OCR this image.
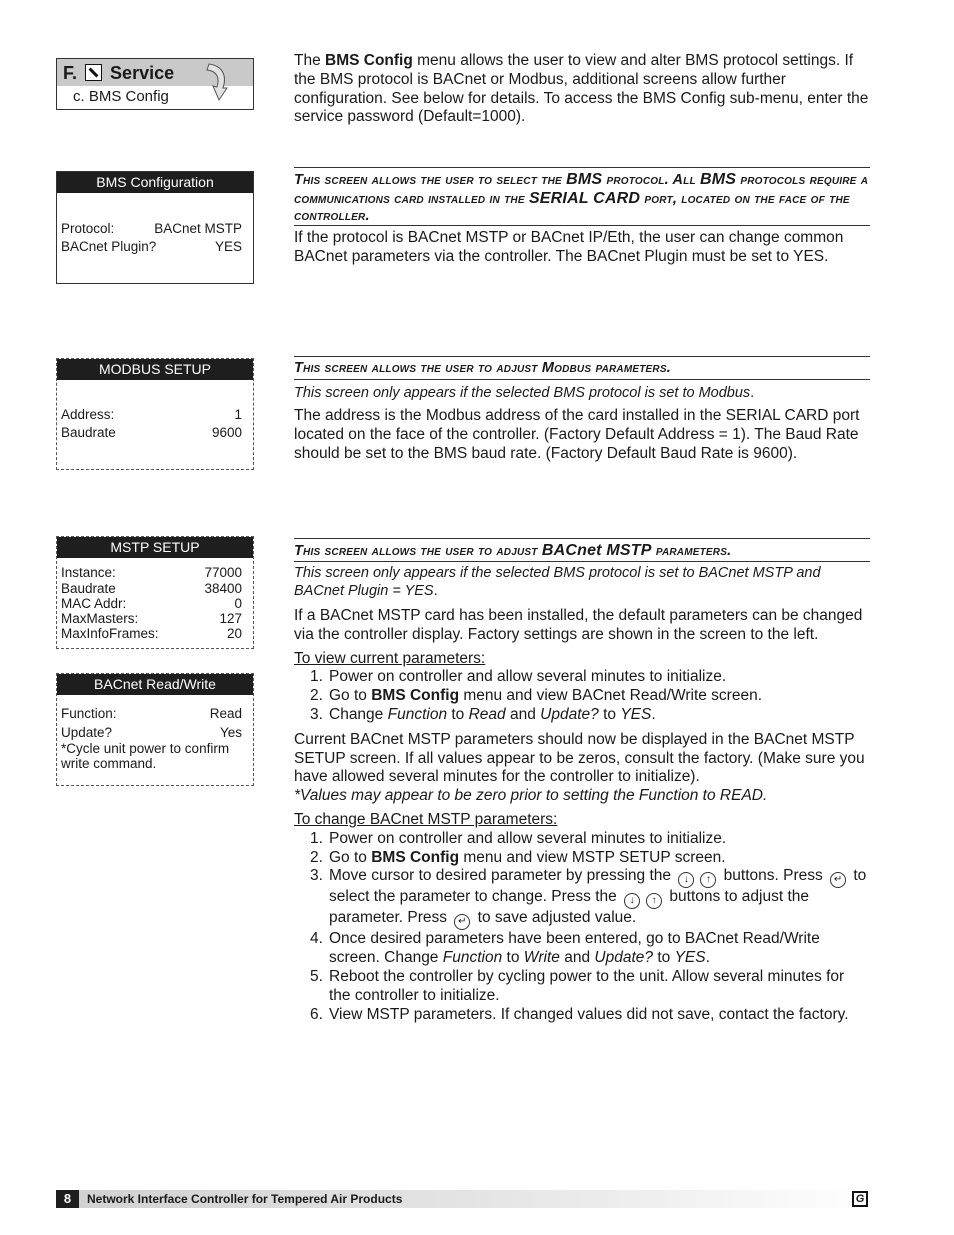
F. Service
c. BMS Config
The BMS Config menu allows the user to view and alter BMS protocol settings. If the BMS protocol is BACnet or Modbus, additional screens allow further configuration. See below for details. To access the BMS Config sub-menu, enter the service password (Default=1000).
BMS Configuration
Protocol:	BACnet MSTP
BACnet Plugin?	YES
This screen allows the user to select the BMS protocol. All BMS protocols require a communications card installed in the SERIAL CARD port, located on the face of the controller.
If the protocol is BACnet MSTP or BACnet IP/Eth, the user can change common BACnet parameters via the controller. The BACnet Plugin must be set to YES.
MODBUS SETUP
Address:	1
Baudrate	9600
This screen allows the user to adjust Modbus parameters.
This screen only appears if the selected BMS protocol is set to Modbus.
The address is the Modbus address of the card installed in the SERIAL CARD port located on the face of the controller. (Factory Default Address = 1). The Baud Rate should be set to the BMS baud rate. (Factory Default Baud Rate is 9600).
MSTP SETUP
Instance:	77000
Baudrate	38400
MAC Addr:	0
MaxMasters:	127
MaxInfoFrames:	20
BACnet Read/Write
Function:	Read
Update?	Yes
*Cycle unit power to confirm write command.
This screen allows the user to adjust BACnet MSTP parameters.
This screen only appears if the selected BMS protocol is set to BACnet MSTP and BACnet Plugin = YES.

If a BACnet MSTP card has been installed, the default parameters can be changed via the controller display. Factory settings are shown in the screen to the left.

To view current parameters:

1. Power on controller and allow several minutes to initialize.
2. Go to BMS Config menu and view BACnet Read/Write screen.
3. Change Function to Read and Update? to YES.

Current BACnet MSTP parameters should now be displayed in the BACnet MSTP SETUP screen. If all values appear to be zeros, consult the factory. (Make sure you have allowed several minutes for the controller to initialize).
*Values may appear to be zero prior to setting the Function to READ.

To change BACnet MSTP parameters:

1. Power on controller and allow several minutes to initialize.
2. Go to BMS Config menu and view MSTP SETUP screen.
3. Move cursor to desired parameter by pressing the ↓ ↑ buttons. Press ↵ to select the parameter to change. Press the ↓ ↑ buttons to adjust the parameter. Press ↵ to save adjusted value.
4. Once desired parameters have been entered, go to BACnet Read/Write screen. Change Function to Write and Update? to YES.
5. Reboot the controller by cycling power to the unit. Allow several minutes for the controller to initialize.
6. View MSTP parameters. If changed values did not save, contact the factory.
8	Network Interface Controller for Tempered Air Products	G
